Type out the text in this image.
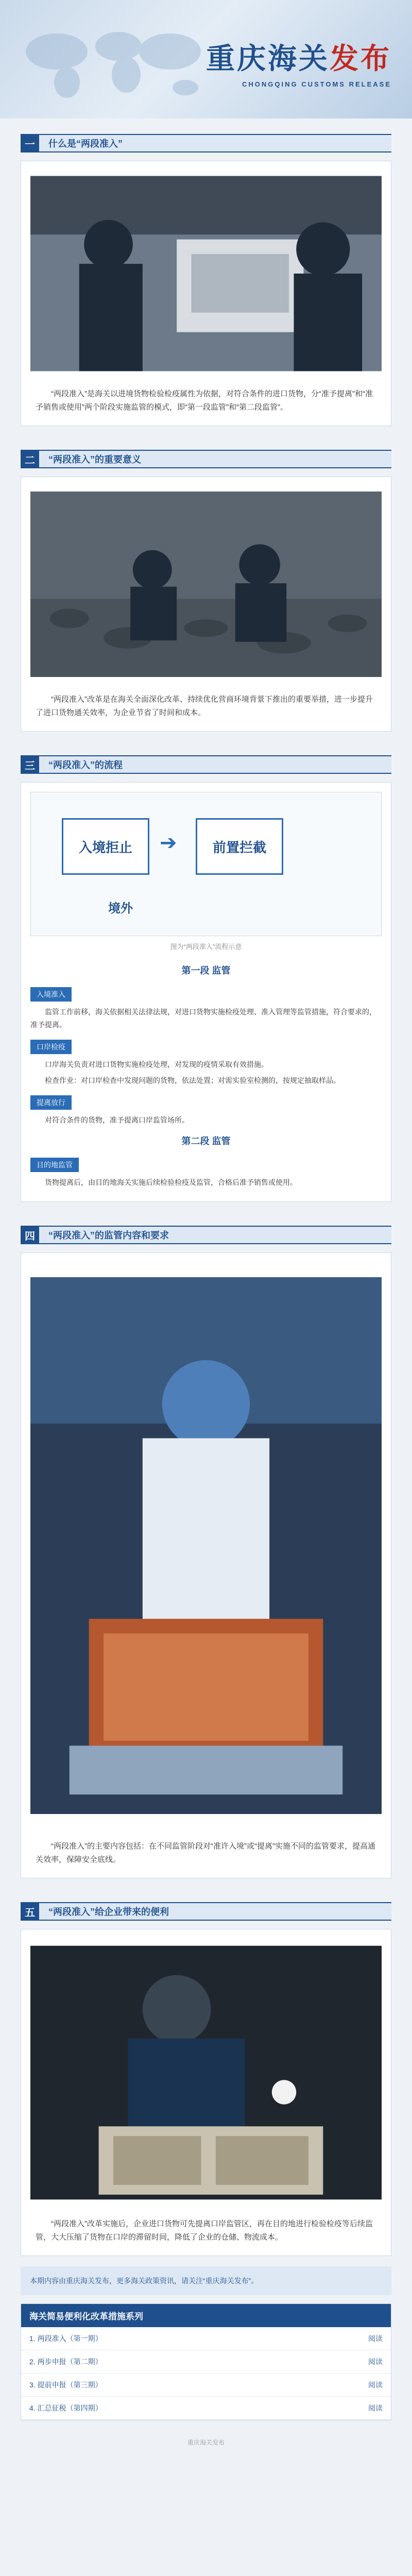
重庆海关发布
CHONGQING CUSTOMS RELEASE
一	什么是“两段准入”
“两段准入”是海关以进境货物检验检疫属性为依据，对符合条件的进口货物，分“准予提离”和“准予销售或使用”两个阶段实施监管的模式，即“第一段监管”和“第二段监管”。
二	“两段准入”的重要意义
“两段准入”改革是在海关全面深化改革、持续优化营商环境背景下推出的重要举措，进一步提升了进口货物通关效率，为企业节省了时间和成本。
三	“两段准入”的流程
入境拒止	➔	前置拦截
境外
图为“两段准入”流程示意
第一段 监管
入境准入
监管工作前移，海关依据相关法律法规，对进口货物实施检疫处理、准入管理等监管措施，符合要求的，准予提离。
口岸检疫
口岸海关负责对进口货物实施检疫处理，对发现的疫情采取有效措施。
检查作业：对口岸检查中发现问题的货物，依法处置；对需实验室检测的，按规定抽取样品。
提离放行
对符合条件的货物，准予提离口岸监管场所。
第二段 监管
目的地监管
货物提离后，由目的地海关实施后续检验检疫及监管，合格后准予销售或使用。
四	“两段准入”的监管内容和要求
“两段准入”的主要内容包括：在不同监管阶段对“准许入境”或“提离”实施不同的监管要求，提高通关效率，保障安全底线。
五	“两段准入”给企业带来的便利
“两段准入”改革实施后，企业进口货物可先提离口岸监管区，再在目的地进行检验检疫等后续监管，大大压缩了货物在口岸的滞留时间，降低了企业的仓储、物流成本。
本期内容由重庆海关发布，更多海关政策资讯，请关注“重庆海关发布”。
海关简易便利化改革措施系列
1. 两段准入（第一期）	阅读
2. 两步申报（第二期）	阅读
3. 提前申报（第三期）	阅读
4. 汇总征税（第四期）	阅读
重庆海关发布
